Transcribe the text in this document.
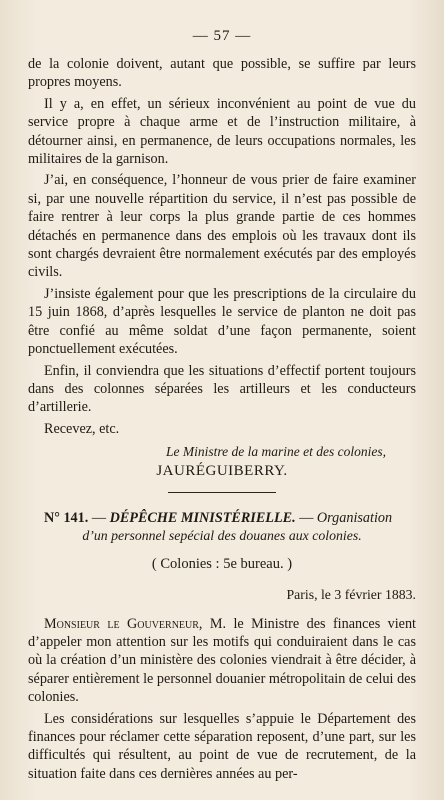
— 57 —

de la colonie doivent, autant que possible, se suffire par leurs propres moyens.

Il y a, en effet, un sérieux inconvénient au point de vue du service propre à chaque arme et de l’instruction militaire, à détourner ainsi, en permanence, de leurs occupations normales, les militaires de la garnison.

J’ai, en conséquence, l’honneur de vous prier de faire examiner si, par une nouvelle répartition du service, il n’est pas possible de faire rentrer à leur corps la plus grande partie de ces hommes détachés en permanence dans des emplois où les travaux dont ils sont chargés devraient être normalement exécutés par des employés civils.

J’insiste également pour que les prescriptions de la circulaire du 15 juin 1868, d’après lesquelles le service de planton ne doit pas être confié au même soldat d’une façon permanente, soient ponctuellement exécutées.

Enfin, il conviendra que les situations d’effectif portent toujours dans des colonnes séparées les artilleurs et les conducteurs d’artillerie.

Recevez, etc.

Le Ministre de la marine et des colonies,
JAURÉGUIBERRY.

N° 141. — DÉPÊCHE MINISTÉRIELLE. — Organisation

d’un personnel sepécial des douanes aux colonies.
( Colonies : 5e bureau. )
Paris, le 3 février 1883.

Monsieur le Gouverneur, M. le Ministre des finances vient d’appeler mon attention sur les motifs qui conduiraient dans le cas où la création d’un ministère des colonies viendrait à être décider, à séparer entièrement le personnel douanier métropolitain de celui des colonies.

Les considérations sur lesquelles s’appuie le Département des finances pour réclamer cette séparation reposent, d’une part, sur les difficultés qui résultent, au point de vue de recrutement, de la situation faite dans ces dernières années au per-
